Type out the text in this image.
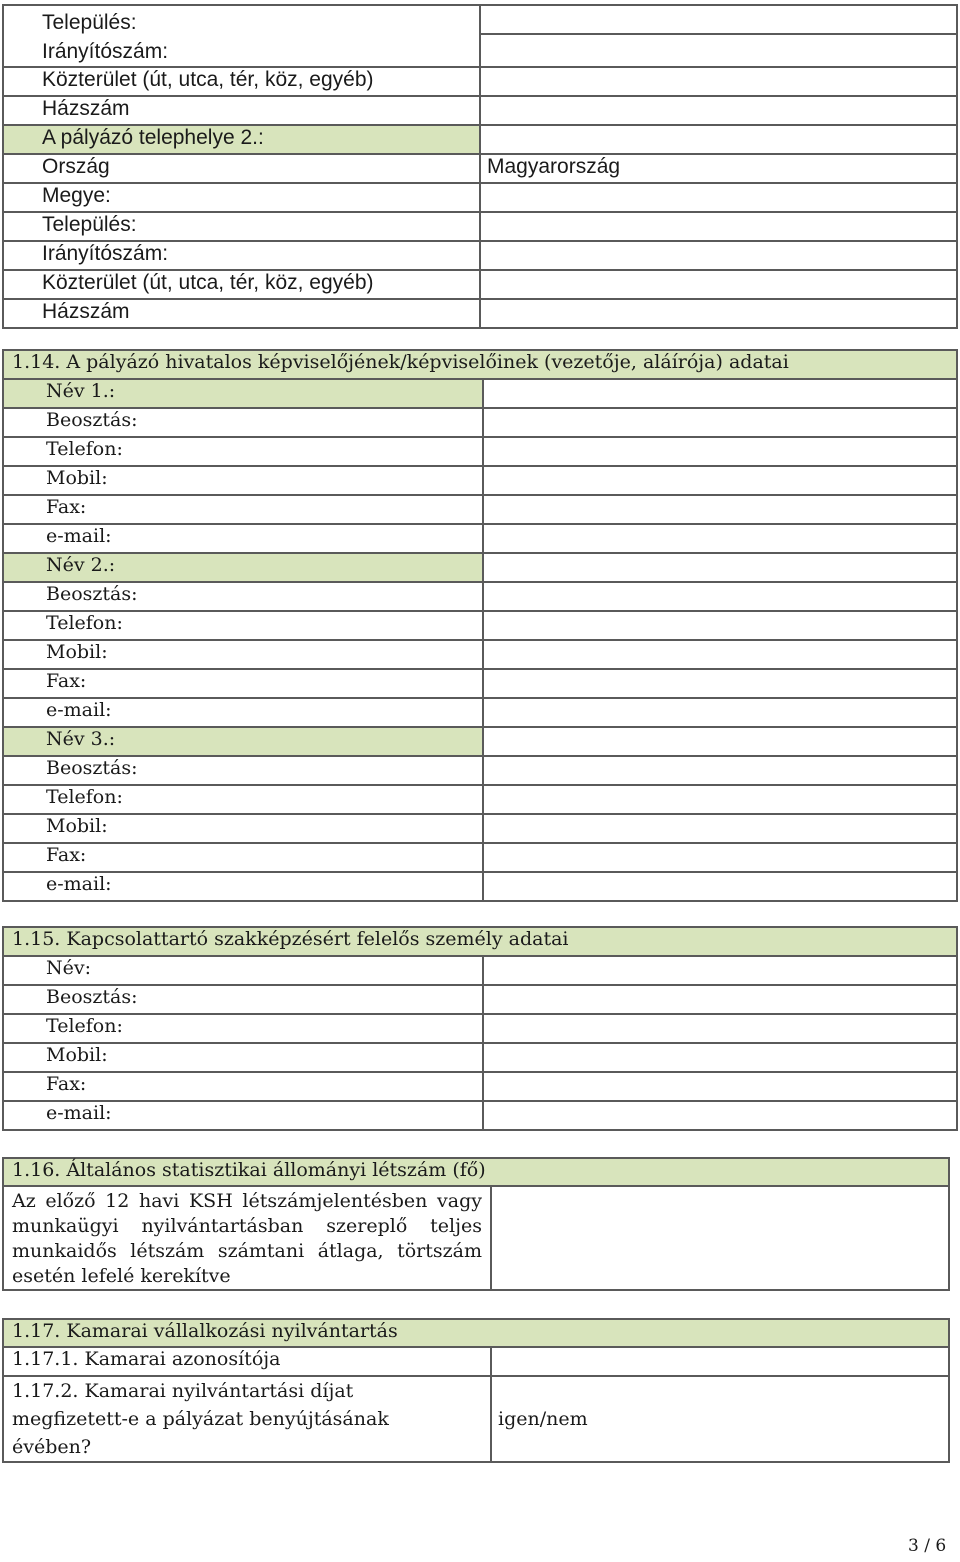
Település:
Irányítószám:	

Közterület (út, utca, tér, köz, egyéb)	
Házszám	
A pályázó telephelye 2.:	
Ország	Magyarország
Megye:	
Település:	
Irányítószám:	
Közterület (út, utca, tér, köz, egyéb)	
Házszám	
1.14. A pályázó hivatalos képviselőjének/képviselőinek (vezetője, aláírója) adatai	
Név 1.:	
Beosztás:	
Telefon:	
Mobil:	
Fax:	
e-mail:	
Név 2.:	
Beosztás:	
Telefon:	
Mobil:	
Fax:	
e-mail:	
Név 3.:	
Beosztás:	
Telefon:	
Mobil:	
Fax:	
e-mail:	
1.15. Kapcsolattartó szakképzésért felelős személy adatai	
Név:	
Beosztás:	
Telefon:	
Mobil:	
Fax:	
e-mail:	
1.16. Általános statisztikai állományi létszám (fő)
Az előző 12 havi KSH létszámjelentésben vagy munkaügyi nyilvántartásban szereplő teljes munkaidős létszám számtani átlaga, törtszám esetén lefelé kerekítve	
1.17. Kamarai vállalkozási nyilvántartás	
1.17.1. Kamarai azonosítója	
1.17.2. Kamarai nyilvántartási díjat megfizetett-e a pályázat benyújtásának évében?	igen/nem
3 / 6
